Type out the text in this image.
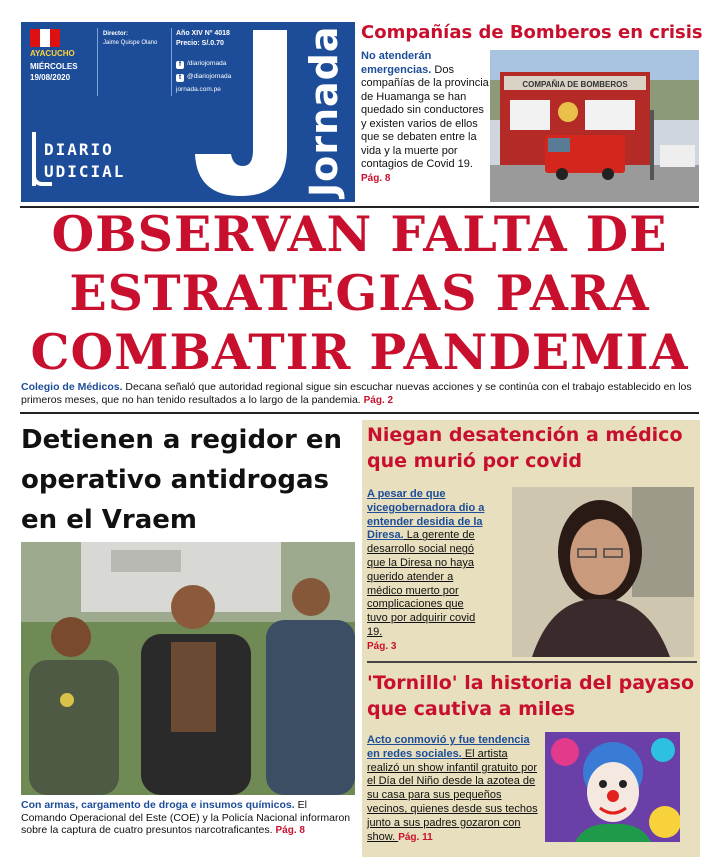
AYACUCHO
MIÉRCOLES
19/08/2020
Director:
Jaime Quispe Olano
Año XIV Nº 4018
Precio: S/.0.70
f /diariojornada
t @diariojornada
jornada.com.pe Jornada
DIARIO
UDICIAL
Compañías de Bomberos en crisis
No atenderán emergencias. Dos compañías de la provincia de Huamanga se han quedado sin conductores y existen varios de ellos que se debaten entre la vida y la muerte por contagios de Covid 19.
Pág. 8
COMPAÑIA DE BOMBEROS
OBSERVAN FALTA DE
ESTRATEGIAS PARA
COMBATIR PANDEMIA
Colegio de Médicos. Decana señaló que autoridad regional sigue sin escuchar nuevas acciones y se continúa con el trabajo establecido en los primeros meses, que no han tenido resultados a lo largo de la pandemia. Pág. 2
Detienen a regidor en operativo antidrogas en el Vraem
Con armas, cargamento de droga e insumos químicos. El Comando Operacional del Este (COE) y la Policía Nacional informaron sobre la captura de cuatro presuntos narcotraficantes. Pág. 8
Niegan desatención a médico que murió por covid
A pesar de que vicegobernadora dio a entender desidia de la Diresa. La gerente de desarrollo social negó que la Diresa no haya querido atender a médico muerto por complicaciones que tuvo por adquirir covid 19.
Pág. 3
'Tornillo' la historia del payaso que cautiva a miles
Acto conmovió y fue tendencia en redes sociales. El artista realizó un show infantil gratuito por el Día del Niño desde la azotea de su casa para sus pequeños vecinos, quienes desde sus techos junto a sus padres gozaron con show. Pág. 11
